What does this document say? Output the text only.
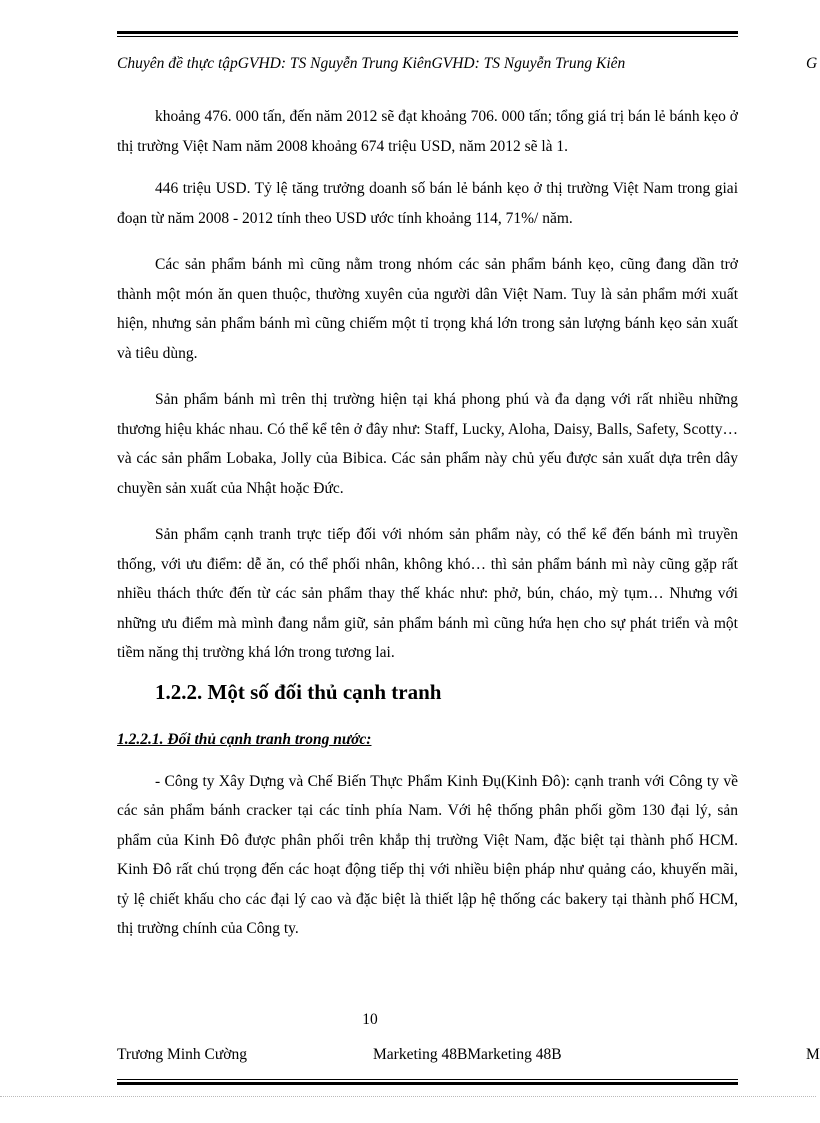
Chuyên đề thực tậpGVHD: TS Nguyễn Trung KiênGVHD: TS Nguyễn Trung Kiên	G

khoảng 476. 000 tấn, đến năm 2012 sẽ đạt khoảng 706. 000 tấn; tổng giá trị bán lẻ bánh kẹo ở thị trường Việt Nam năm 2008 khoảng 674 triệu USD, năm 2012 sẽ là 1.

446 triệu USD. Tỷ lệ tăng trưởng doanh số bán lẻ bánh kẹo ở thị trường Việt Nam trong giai đoạn từ năm 2008 - 2012 tính theo USD ước tính khoảng 114, 71%/ năm.

Các sản phẩm bánh mì cũng nằm trong nhóm các sản phẩm bánh kẹo, cũng đang dần trở thành một món ăn quen thuộc, thường xuyên của người dân Việt Nam. Tuy là sản phẩm mới xuất hiện, nhưng sản phẩm bánh mì cũng chiếm một tỉ trọng khá lớn trong sản lượng bánh kẹo sản xuất và tiêu dùng.

Sản phẩm bánh mì trên thị trường hiện tại khá phong phú và đa dạng với rất nhiều những thương hiệu khác nhau. Có thể kể tên ở đây như: Staff, Lucky, Aloha, Daisy, Balls, Safety, Scotty… và các sản phẩm Lobaka, Jolly của Bibica. Các sản phẩm này chủ yếu được sản xuất dựa trên dây chuyền sản xuất của Nhật hoặc Đức.

Sản phẩm cạnh tranh trực tiếp đối với nhóm sản phẩm này, có thể kể đến bánh mì truyền thống, với ưu điểm: dễ ăn, có thể phối nhân, không khó… thì sản phẩm bánh mì này cũng gặp rất nhiều thách thức đến từ các sản phẩm thay thế khác như: phở, bún, cháo, mỳ tụm… Nhưng với những ưu điểm mà mình đang nắm giữ, sản phẩm bánh mì cũng hứa hẹn cho sự phát triển và một tiềm năng thị trường khá lớn trong tương lai.

1.2.2. Một số đối thủ cạnh tranh
1.2.2.1. Đối thủ cạnh tranh trong nước:

- Công ty Xây Dựng và Chế Biến Thực Phẩm Kinh Đụ(Kinh Đô): cạnh tranh với Công ty về các sản phẩm bánh cracker tại các tỉnh phía Nam. Với hệ thống phân phối gồm 130 đại lý, sản phẩm của Kinh Đô được phân phối trên khắp thị trường Việt Nam, đặc biệt tại thành phố HCM. Kinh Đô rất chú trọng đến các hoạt động tiếp thị với nhiều biện pháp như quảng cáo, khuyến mãi, tỷ lệ chiết khấu cho các đại lý cao và đặc biệt là thiết lập hệ thống các bakery tại thành phố HCM, thị trường chính của Công ty.

10
Trương Minh Cường	Marketing 48BMarketing 48B	M
